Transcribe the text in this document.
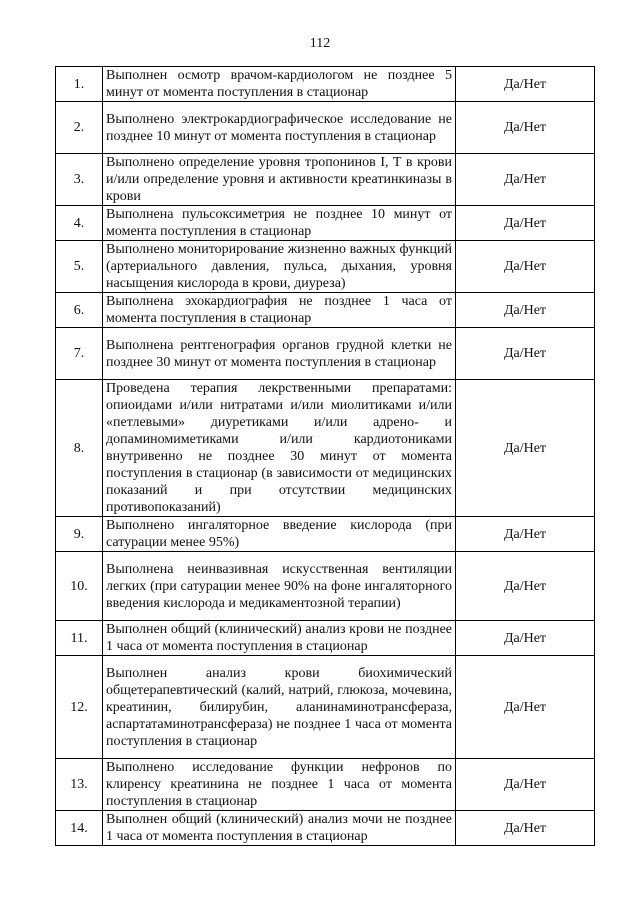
112
1.	Выполнен осмотр врачом-кардиологом не позднее 5 минут от момента поступления в стационар	Да/Нет
2.	Выполнено электрокардиографическое исследование не позднее 10 минут от момента поступления в стационар	Да/Нет
3.	Выполнено определение уровня тропонинов I, T в крови и/или определение уровня и активности креатинкиназы в крови	Да/Нет
4.	Выполнена пульсоксиметрия не позднее 10 минут от момента поступления в стационар	Да/Нет
5.	Выполнено мониторирование жизненно важных функций (артериального давления, пульса, дыхания, уровня насыщения кислорода в крови, диуреза)	Да/Нет
6.	Выполнена эхокардиография не позднее 1 часа от момента поступления в стационар	Да/Нет
7.	Выполнена рентгенография органов грудной клетки не позднее 30 минут от момента поступления в стационар	Да/Нет
8.	Проведена терапия лекрственными препаратами: опиоидами и/или нитратами и/или миолитиками и/или «петлевыми» диуретиками и/или адрено- и допаминомиметиками и/или кардиотониками внутривенно не позднее 30 минут от момента поступления в стационар (в зависимости от медицинских показаний и при отсутствии медицинских противопоказаний)	Да/Нет
9.	Выполнено ингаляторное введение кислорода (при сатурации менее 95%)	Да/Нет
10.	Выполнена неинвазивная искусственная вентиляции легких (при сатурации менее 90% на фоне ингаляторного введения кислорода и медикаментозной терапии)	Да/Нет
11.	Выполнен общий (клинический) анализ крови не позднее 1 часа от момента поступления в стационар	Да/Нет
12.	Выполнен анализ крови биохимический общетерапевтический (калий, натрий, глюкоза, мочевина, креатинин, билирубин, аланинаминотрансфераза, аспартатаминотрансфераза) не позднее 1 часа от момента поступления в стационар	Да/Нет
13.	Выполнено исследование функции нефронов по клиренсу креатинина не позднее 1 часа от момента поступления в стационар	Да/Нет
14.	Выполнен общий (клинический) анализ мочи не позднее 1 часа от момента поступления в стационар	Да/Нет
